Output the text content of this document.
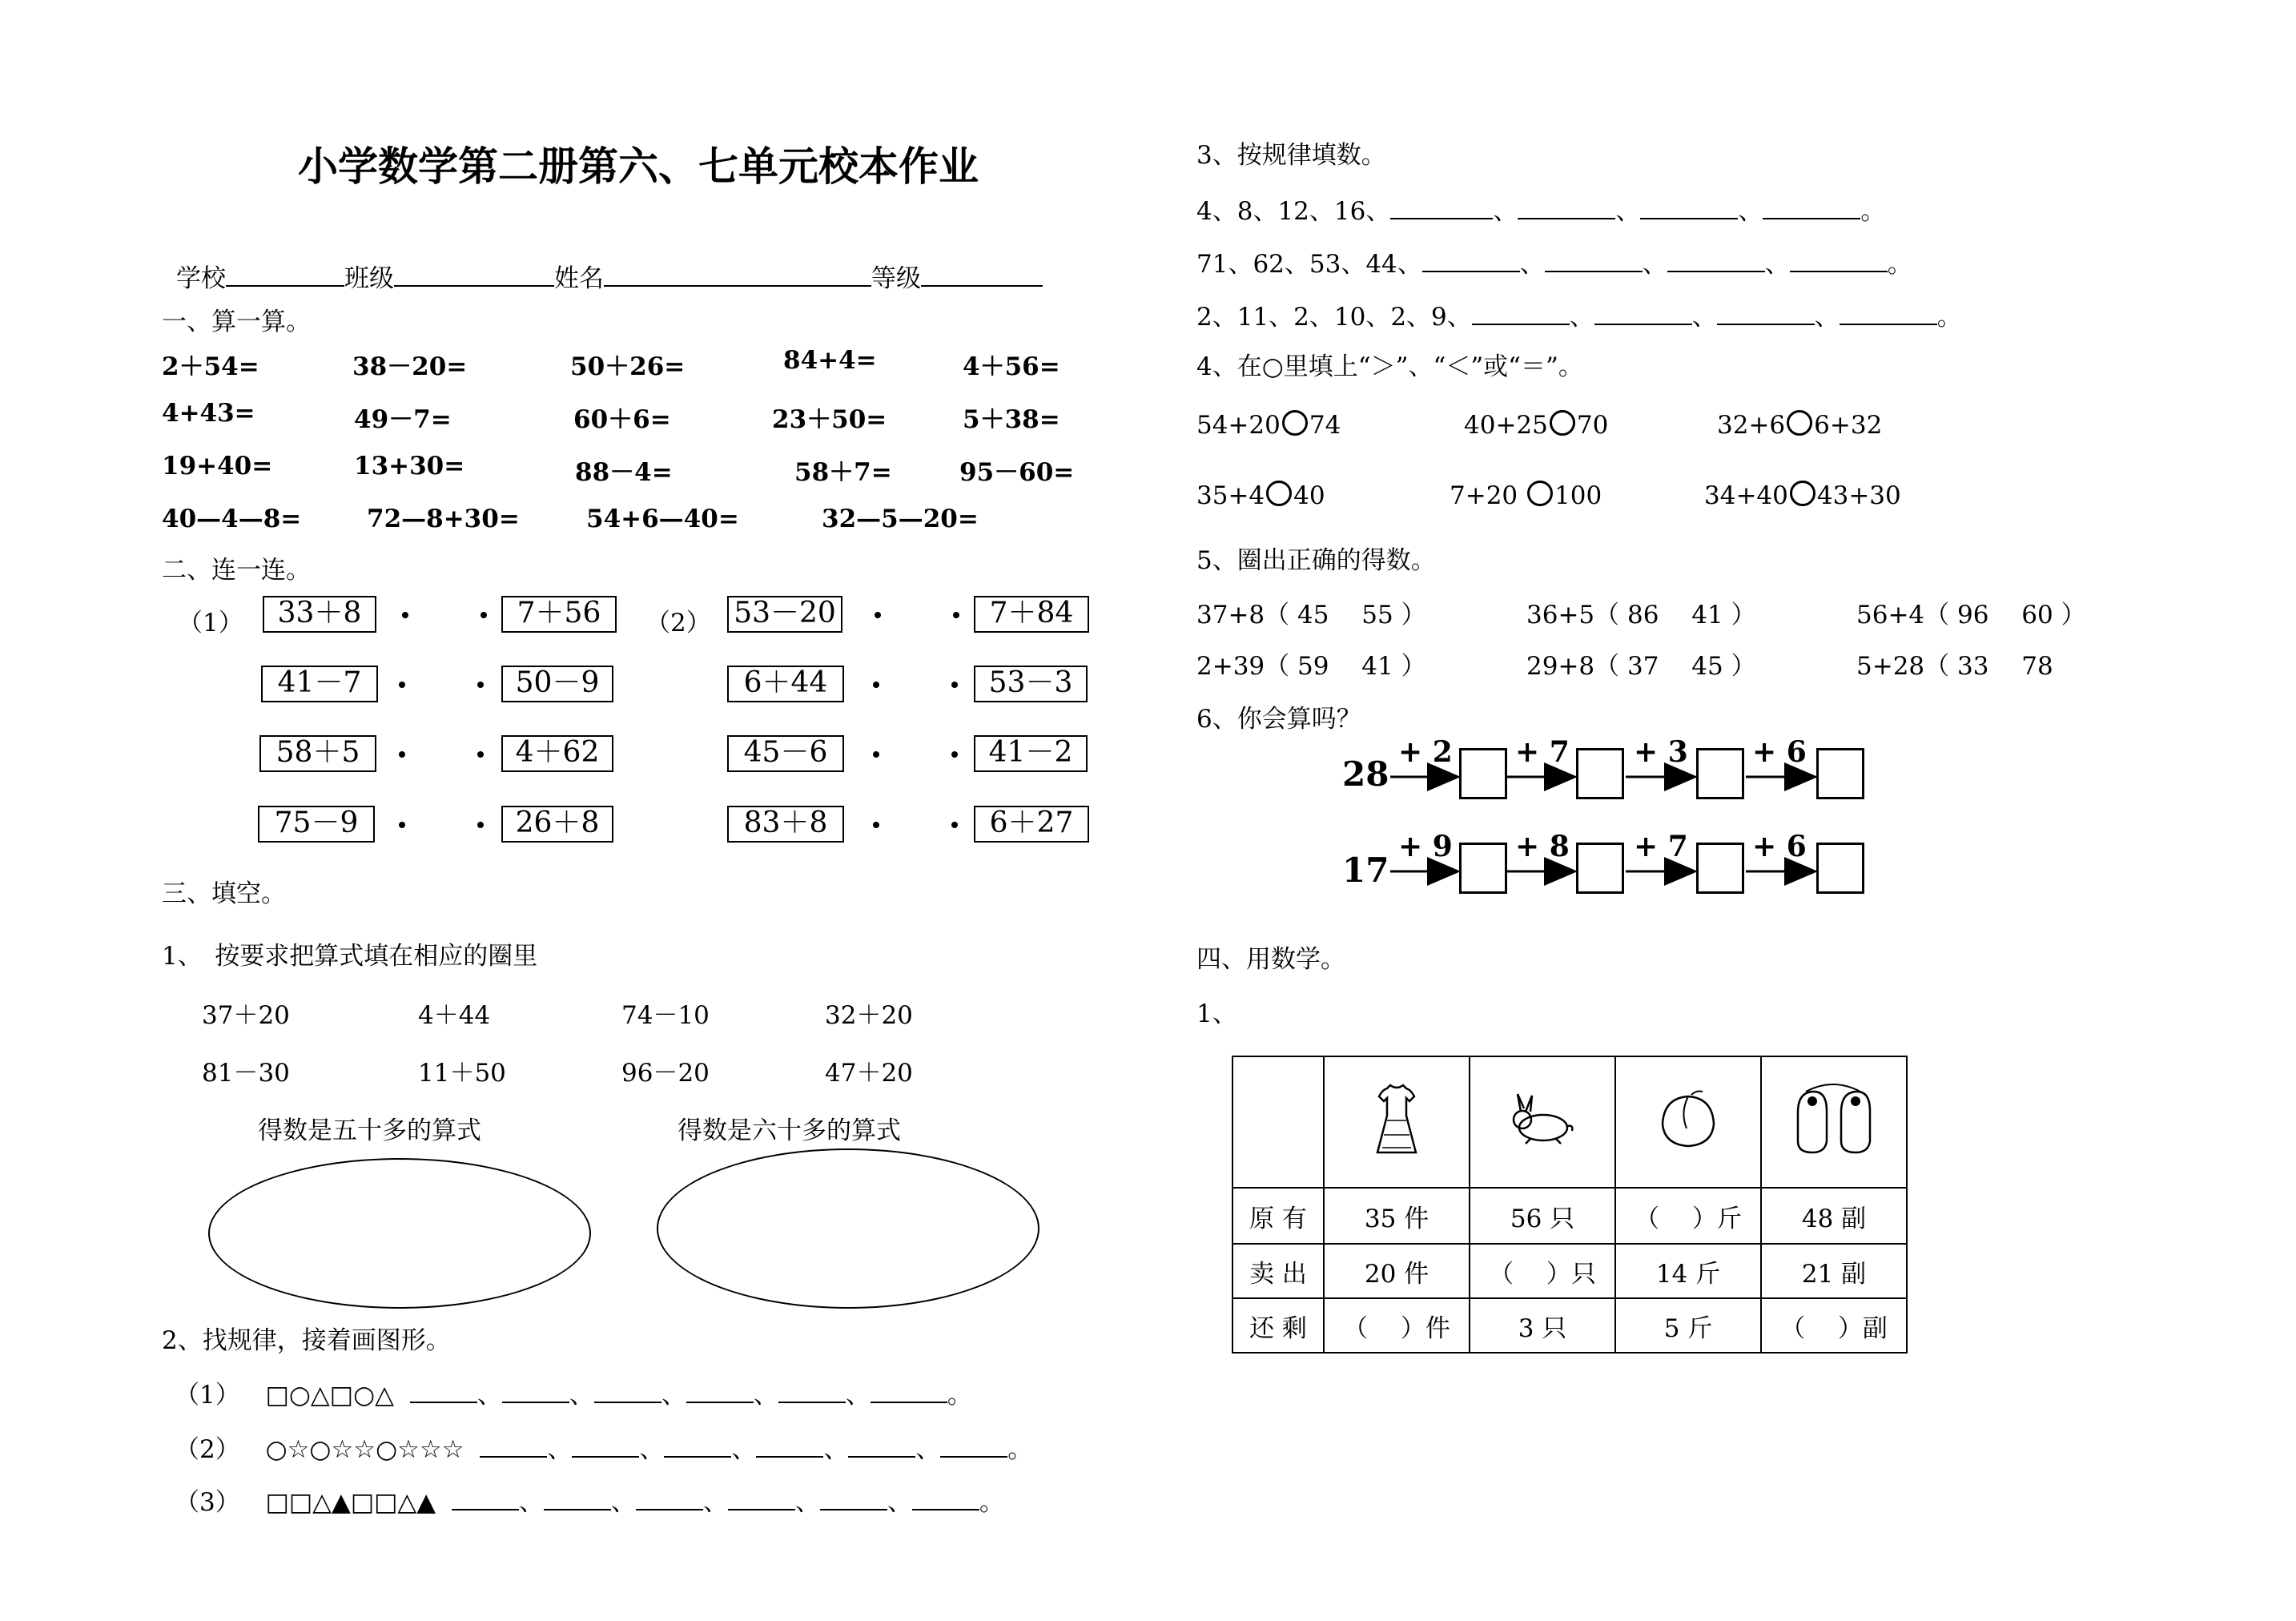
小学数学第二册第六、七单元校本作业
学校	班级	姓名	等级
一、算一算。
2＋54=	38－20=	50＋26=	84+4=	4＋56=
4+43=	49－7=	60＋6=	23＋50=	5＋38=
19+40=	13+30=	88－4=	58＋7=	95－60=
40—4—8=	72—8+30=	54+6—40=	32—5—20=
二、连一连。
（1）	（2）
33＋8
41－7
58＋5
75－9
7＋56
50－9
4＋62
26＋8
53－20
6＋44
45－6
83＋8
7＋84
53－3
41－2
6＋27
三、填空。
1、　按要求把算式填在相应的圈里
37＋20	4＋44	74－10	32＋20
81－30	11＋50	96－20	47＋20
得数是五十多的算式	得数是六十多的算式
2、找规律，接着画图形。
（1） □○△□○△	、	、	、	、	、	。
（2） ○☆○☆☆○☆☆☆	、	、	、	、	、	。
（3） □□△▲□□△▲	、	、	、	、	、	。
3、按规律填数。
4、8、12、16、	、	、	、	。
71、62、53、44、	、	、	、	。
2、11、2、10、2、9、	、	、	、	。
4、在○里填上“＞”、“＜”或“＝”。
54+20 74	40+25 70	32+6 6+32
35+4 40	7+20 100	34+40 43+30
5、圈出正确的得数。
37+8（ 45　 55 ）	36+5（ 86　 41 ）	56+4（ 96　 60 ）
2+39（ 59　 41 ）	29+8（ 37　 45 ）	5+28（ 33　 78
6、你会算吗？
28
+ 2 + 7 + 3 + 6
17
+ 9 + 8 + 7 + 6
四、用数学。
1、

原 有	35 件	56 只	（　 ）斤	48 副
卖 出	20 件	（　 ）只	14 斤	21 副
还 剩	（　 ）件	3 只	5 斤	（　 ）副
